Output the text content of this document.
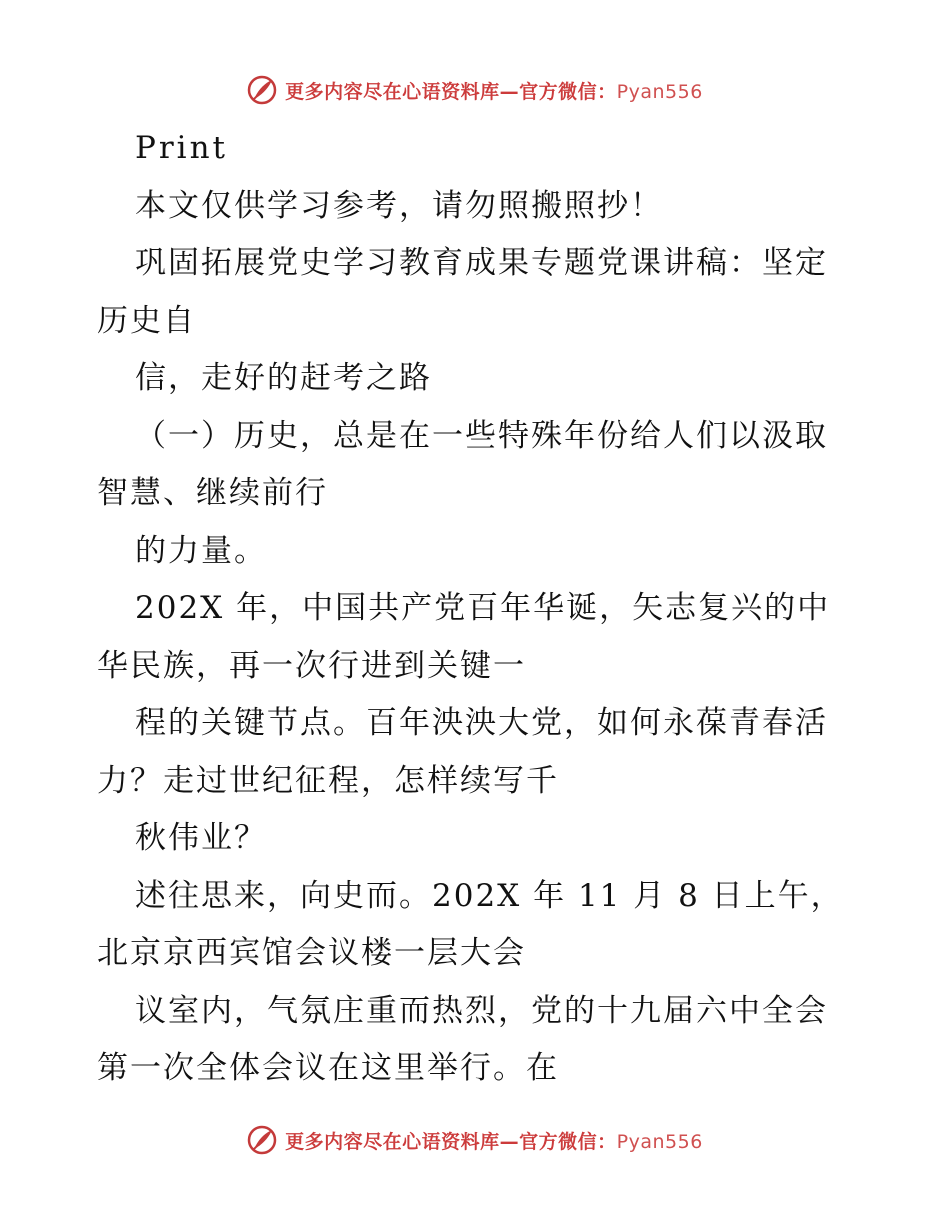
更多内容尽在心语资料库—官方微信：Pyan556
Print
本文仅供学习参考，请勿照搬照抄！
巩固拓展党史学习教育成果专题党课讲稿：坚定
历史自
信，走好的赶考之路
（一）历史，总是在一些特殊年份给人们以汲取
智慧、继续前行
的力量。
202X 年，中国共产党百年华诞，矢志复兴的中
华民族，再一次行进到关键一
程的关键节点。百年泱泱大党，如何永葆青春活
力？走过世纪征程，怎样续写千
秋伟业？
述往思来，向史而。202X 年 11 月 8 日上午，
北京京西宾馆会议楼一层大会
议室内，气氛庄重而热烈，党的十九届六中全会
第一次全体会议在这里举行。在
更多内容尽在心语资料库—官方微信：Pyan556
